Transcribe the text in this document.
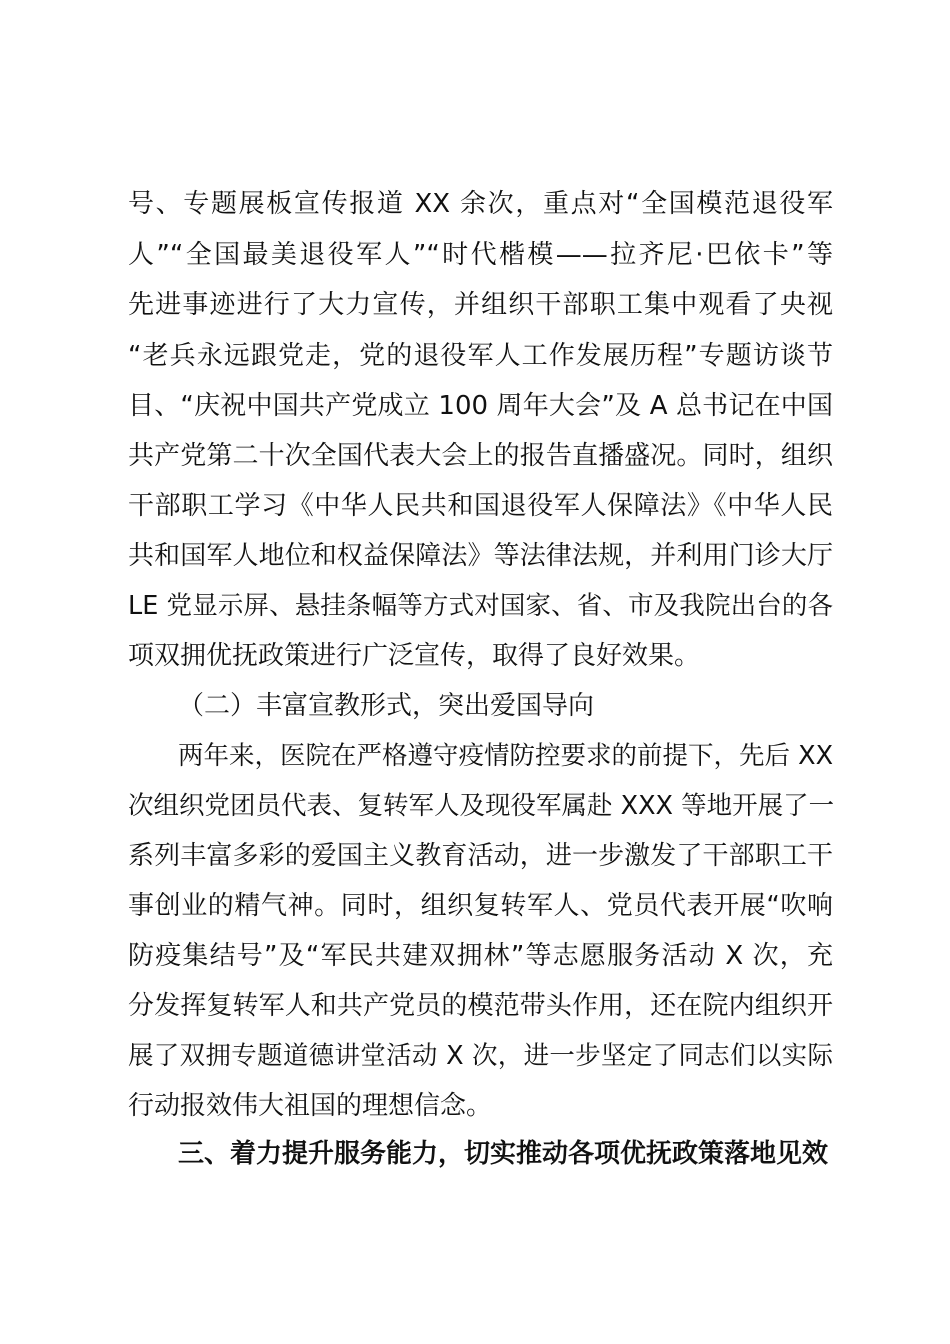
号、专题展板宣传报道 XX 余次，重点对“全国模范退役军
人”“全国最美退役军人”“时代楷模——拉齐尼·巴依卡”等
先进事迹进行了大力宣传，并组织干部职工集中观看了央视
“老兵永远跟党走，党的退役军人工作发展历程”专题访谈节
目、“庆祝中国共产党成立 100 周年大会”及 A 总书记在中国
共产党第二十次全国代表大会上的报告直播盛况。同时，组织
干部职工学习《中华人民共和国退役军人保障法》《中华人民
共和国军人地位和权益保障法》等法律法规，并利用门诊大厅
LE 党显示屏、悬挂条幅等方式对国家、省、市及我院出台的各
项双拥优抚政策进行广泛宣传，取得了良好效果。
（二）丰富宣教形式，突出爱国导向
两年来，医院在严格遵守疫情防控要求的前提下，先后 XX
次组织党团员代表、复转军人及现役军属赴 XXX 等地开展了一
系列丰富多彩的爱国主义教育活动，进一步激发了干部职工干
事创业的精气神。同时，组织复转军人、党员代表开展“吹响
防疫集结号”及“军民共建双拥林”等志愿服务活动 X 次，充
分发挥复转军人和共产党员的模范带头作用，还在院内组织开
展了双拥专题道德讲堂活动 X 次，进一步坚定了同志们以实际
行动报效伟大祖国的理想信念。
三、着力提升服务能力，切实推动各项优抚政策落地见效
